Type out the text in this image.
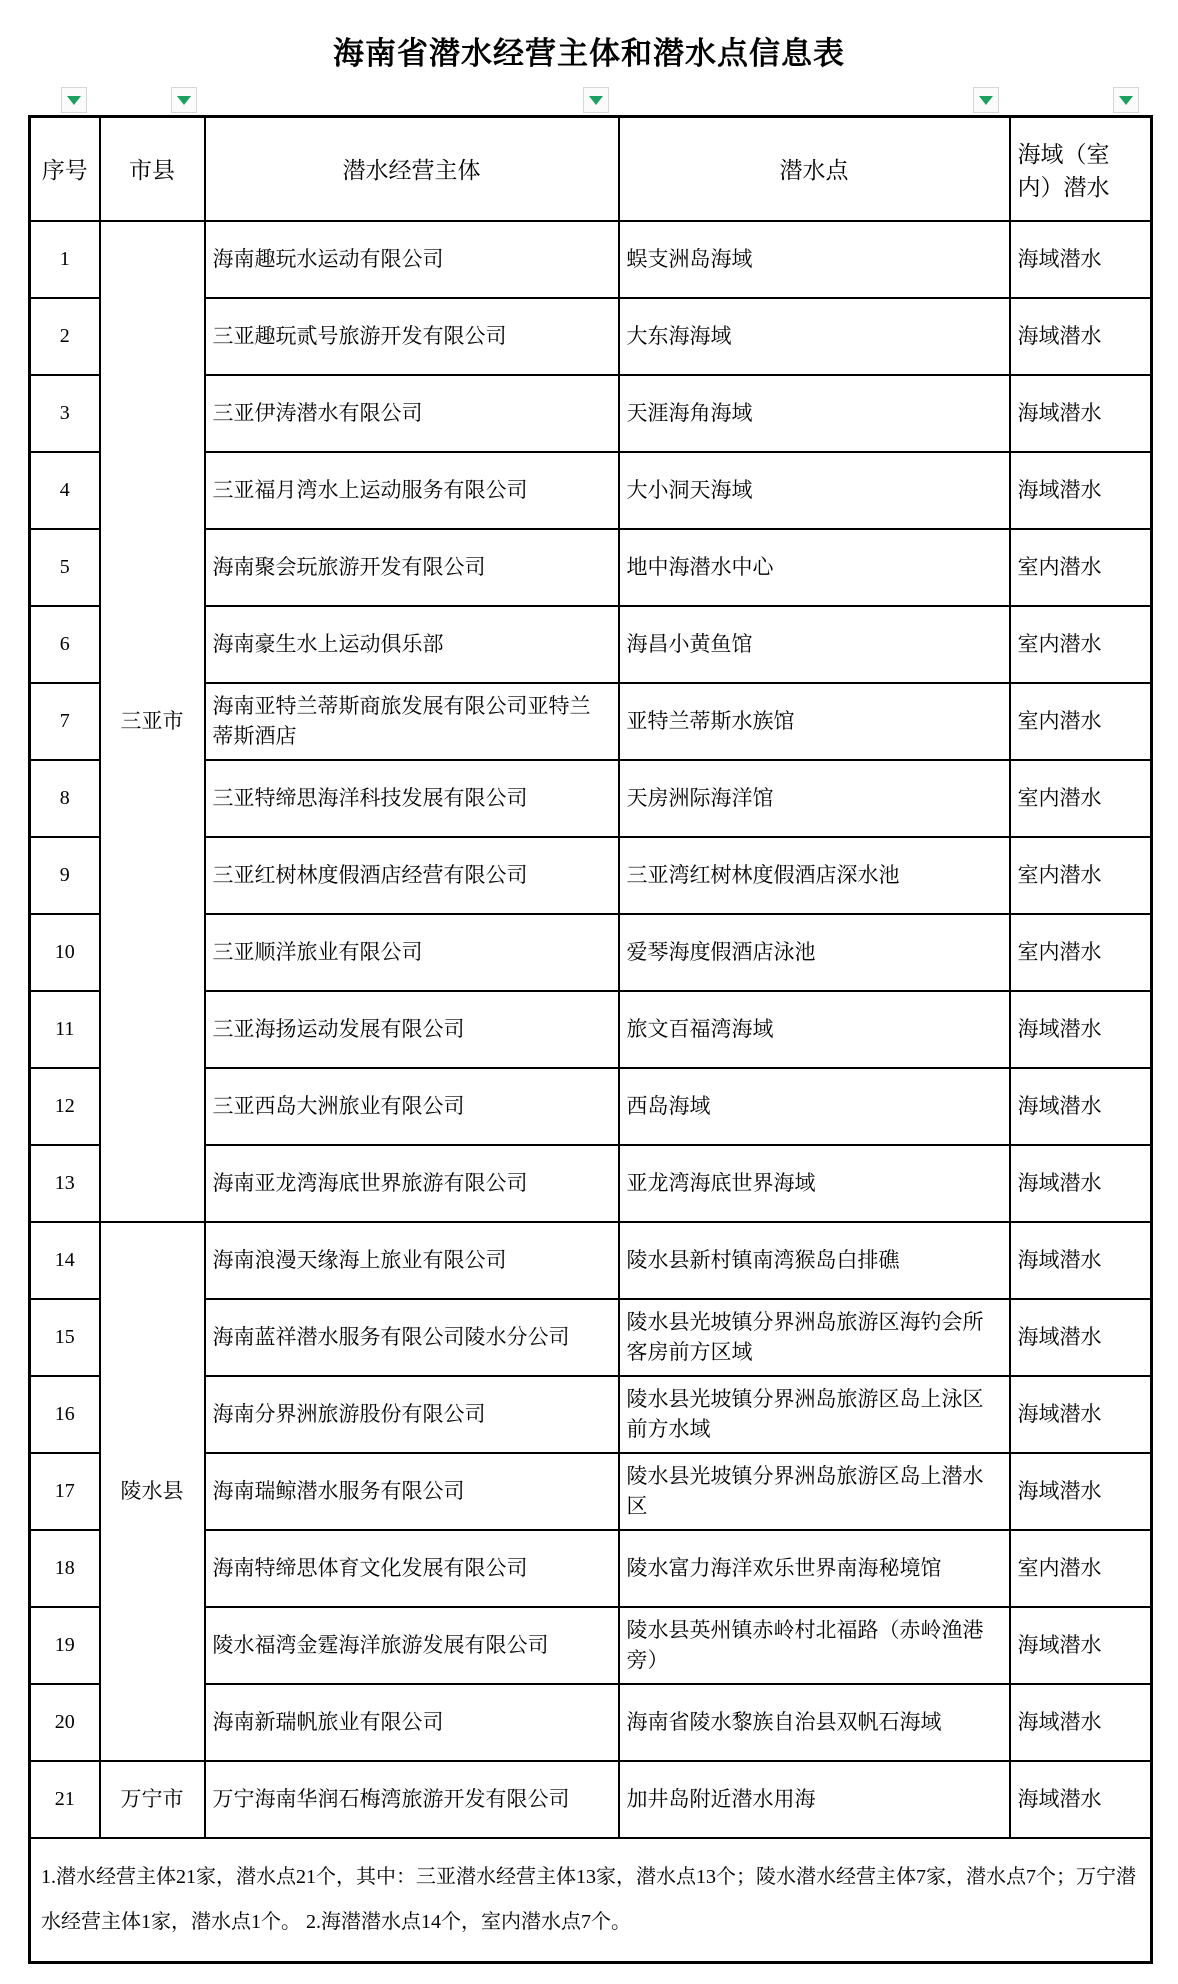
海南省潜水经营主体和潜水点信息表
序号	市县	潜水经营主体	潜水点	海域（室内）潜水
1	三亚市	海南趣玩水运动有限公司	蜈支洲岛海域	海域潜水
2		三亚趣玩贰号旅游开发有限公司	大东海海域	海域潜水
3		三亚伊涛潜水有限公司	天涯海角海域	海域潜水
4		三亚福月湾水上运动服务有限公司	大小洞天海域	海域潜水
5		海南聚会玩旅游开发有限公司	地中海潜水中心	室内潜水
6		海南豪生水上运动俱乐部	海昌小黄鱼馆	室内潜水
7		海南亚特兰蒂斯商旅发展有限公司亚特兰蒂斯酒店	亚特兰蒂斯水族馆	室内潜水
8		三亚特缔思海洋科技发展有限公司	天房洲际海洋馆	室内潜水
9		三亚红树林度假酒店经营有限公司	三亚湾红树林度假酒店深水池	室内潜水
10		三亚顺洋旅业有限公司	爱琴海度假酒店泳池	室内潜水
11		三亚海扬运动发展有限公司	旅文百福湾海域	海域潜水
12		三亚西岛大洲旅业有限公司	西岛海域	海域潜水
13		海南亚龙湾海底世界旅游有限公司	亚龙湾海底世界海域	海域潜水
14	陵水县	海南浪漫天缘海上旅业有限公司	陵水县新村镇南湾猴岛白排礁	海域潜水
15		海南蓝祥潜水服务有限公司陵水分公司	陵水县光坡镇分界洲岛旅游区海钓会所客房前方区域	海域潜水
16		海南分界洲旅游股份有限公司	陵水县光坡镇分界洲岛旅游区岛上泳区前方水域	海域潜水
17		海南瑞鲸潜水服务有限公司	陵水县光坡镇分界洲岛旅游区岛上潜水区	海域潜水
18		海南特缔思体育文化发展有限公司	陵水富力海洋欢乐世界南海秘境馆	室内潜水
19		陵水福湾金霆海洋旅游发展有限公司	陵水县英州镇赤岭村北福路（赤岭渔港旁）	海域潜水
20		海南新瑞帆旅业有限公司	海南省陵水黎族自治县双帆石海域	海域潜水
21	万宁市	万宁海南华润石梅湾旅游开发有限公司	加井岛附近潜水用海	海域潜水
1.潜水经营主体21家，潜水点21个，其中：三亚潜水经营主体13家，潜水点13个；陵水潜水经营主体7家，潜水点7个；万宁潜水经营主体1家，潜水点1个。 2.海潜潜水点14个，室内潜水点7个。				
